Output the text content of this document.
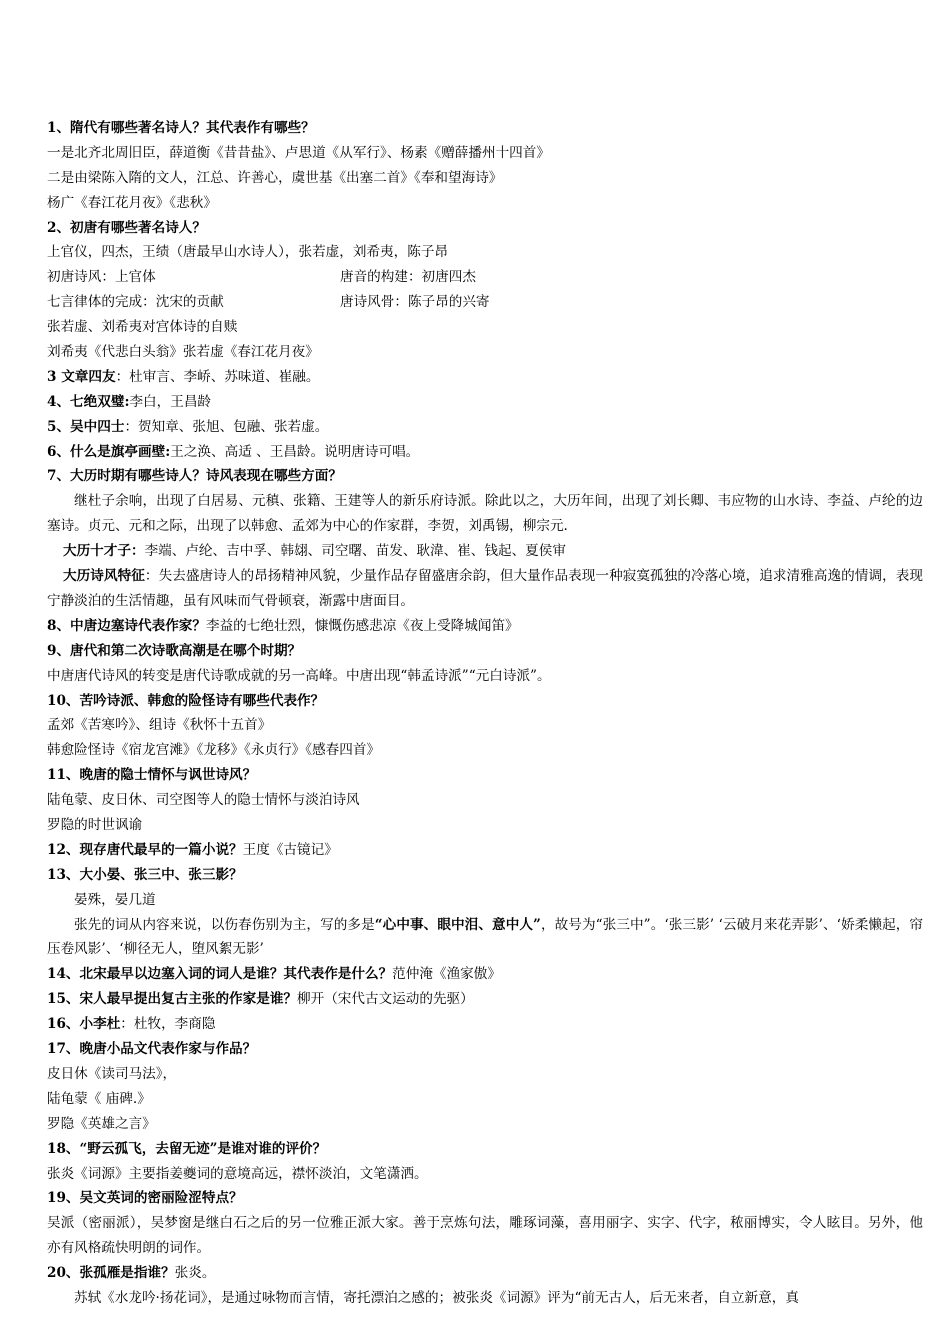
1、隋代有哪些著名诗人？其代表作有哪些？
一是北齐北周旧臣，薛道衡《昔昔盐》、卢思道《从军行》、杨素《赠薛播州十四首》
二是由梁陈入隋的文人，江总、许善心，虞世基《出塞二首》《奉和望海诗》
杨广《春江花月夜》《悲秋》
2、初唐有哪些著名诗人？
上官仪，四杰，王绩（唐最早山水诗人），张若虚，刘希夷，陈子昂
初唐诗风：上官体	唐音的构建：初唐四杰
七言律体的完成：沈宋的贡献	唐诗风骨：陈子昂的兴寄
张若虚、刘希夷对宫体诗的自赎
刘希夷《代悲白头翁》张若虚《春江花月夜》
3 文章四友：杜审言、李峤、苏味道、崔融。
4、七绝双璧:李白，王昌龄
5、吴中四士：贺知章、张旭、包融、张若虚。
6、什么是旗亭画壁:王之涣、高适 、王昌龄。说明唐诗可唱。
7、大历时期有哪些诗人？诗风表现在哪些方面？
继杜子余响，出现了白居易、元稹、张籍、王建等人的新乐府诗派。除此以之，大历年间，出现了刘长卿、韦应物的山水诗、李益、卢纶的边塞诗。贞元、元和之际，出现了以韩愈、孟郊为中心的作家群，李贺，刘禹锡，柳宗元.
大历十才子：李端、卢纶、吉中孚、韩翃、司空曙、苗发、耿湋、崔、钱起、夏侯审
大历诗风特征：失去盛唐诗人的昂扬精神风貌，少量作品存留盛唐余韵，但大量作品表现一种寂寞孤独的冷落心境，追求清雅高逸的情调，表现宁静淡泊的生活情趣，虽有风味而气骨顿衰，渐露中唐面目。
8、中唐边塞诗代表作家？李益的七绝壮烈，慷慨伤感悲凉《夜上受降城闻笛》
9、唐代和第二次诗歌高潮是在哪个时期？
中唐唐代诗风的转变是唐代诗歌成就的另一高峰。中唐出现“韩孟诗派”“元白诗派”。
10、苦吟诗派、韩愈的险怪诗有哪些代表作？
孟郊《苦寒吟》、组诗《秋怀十五首》
韩愈险怪诗《宿龙宫滩》《龙移》《永贞行》《感春四首》
11、晚唐的隐士情怀与讽世诗风？
陆龟蒙、皮日休、司空图等人的隐士情怀与淡泊诗风
罗隐的时世讽谕
12、现存唐代最早的一篇小说？王度《古镜记》
13、大小晏、张三中、张三影？
晏殊，晏几道
张先的词从内容来说，以伤春伤别为主，写的多是“心中事、眼中泪、意中人”，故号为“张三中”。‘张三影’ ‘云破月来花弄影’、‘娇柔懒起，帘压卷风影’、‘柳径无人，堕风絮无影’
14、北宋最早以边塞入词的词人是谁？其代表作是什么？范仲淹《渔家傲》
15、宋人最早提出复古主张的作家是谁？柳开（宋代古文运动的先驱）
16、小李杜：杜牧，李商隐
17、晚唐小品文代表作家与作品？
皮日休《读司马法》，
陆龟蒙《 庙碑.》
罗隐《英雄之言》
18、“野云孤飞，去留无迹”是谁对谁的评价？
张炎《词源》主要指姜夔词的意境高远，襟怀淡泊，文笔潇洒。
19、吴文英词的密丽险涩特点？
吴派（密丽派），吴梦窗是继白石之后的另一位雅正派大家。善于烹炼句法，雕琢词藻，喜用丽字、实字、代字，秾丽博实，令人眩目。另外，他亦有风格疏快明朗的词作。
20、张孤雁是指谁？张炎。
苏轼《水龙吟·扬花词》，是通过咏物而言情，寄托漂泊之感的；被张炎《词源》评为“前无古人，后无来者，自立新意，真
